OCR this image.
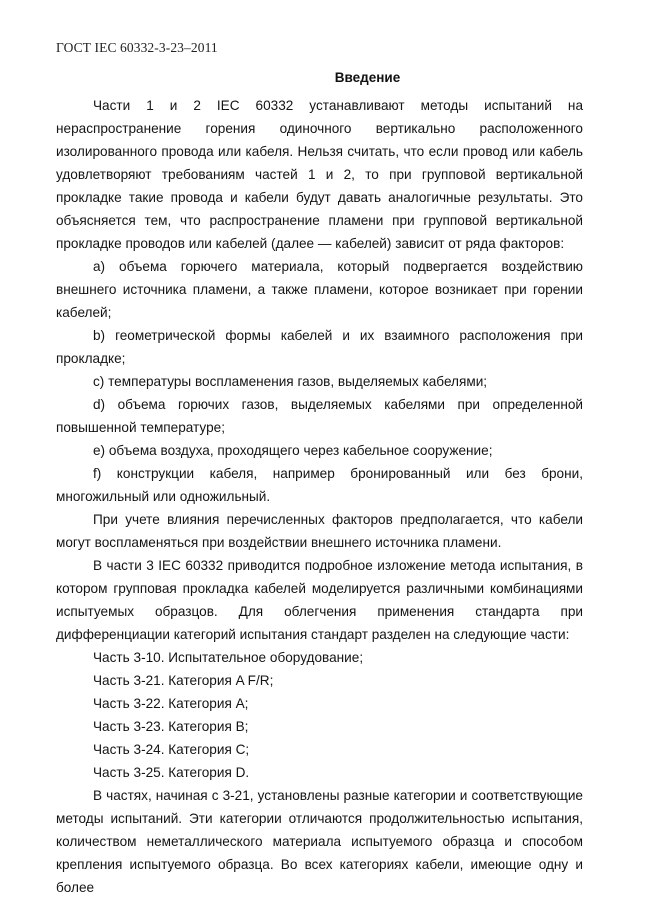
ГОСТ IEC 60332-3-23–2011
Введение

Части 1 и 2 IEC 60332 устанавливают методы испытаний на нераспространение горения одиночного вертикально расположенного изолированного провода или кабеля. Нельзя считать, что если провод или кабель удовлетворяют требованиям частей 1 и 2, то при групповой вертикальной прокладке такие провода и кабели будут давать аналогичные результаты. Это объясняется тем, что распространение пламени при групповой вертикальной прокладке проводов или кабелей (далее — кабелей) зависит от ряда факторов:

a) объема горючего материала, который подвергается воздействию внешнего источника пламени, а также пламени, которое возникает при горении кабелей;

b) геометрической формы кабелей и их взаимного расположения при прокладке;

c) температуры воспламенения газов, выделяемых кабелями;

d) объема горючих газов, выделяемых кабелями при определенной повышенной температуре;

e) объема воздуха, проходящего через кабельное сооружение;

f) конструкции кабеля, например бронированный или без брони, многожильный или одножильный.

При учете влияния перечисленных факторов предполагается, что кабели могут воспламеняться при воздействии внешнего источника пламени.

В части 3 IEC 60332 приводится подробное изложение метода испытания, в котором групповая прокладка кабелей моделируется различными комбинациями испытуемых образцов. Для облегчения применения стандарта при дифференциации категорий испытания стандарт разделен на следующие части:

Часть 3-10. Испытательное оборудование;

Часть 3-21. Категория A F/R;

Часть 3-22. Категория A;

Часть 3-23. Категория B;

Часть 3-24. Категория C;

Часть 3-25. Категория D.

В частях, начиная с 3-21, установлены разные категории и соответствующие методы испытаний. Эти категории отличаются продолжительностью испытания, количеством неметаллического материала испытуемого образца и способом крепления испытуемого образца. Во всех категориях кабели, имеющие одну и более
